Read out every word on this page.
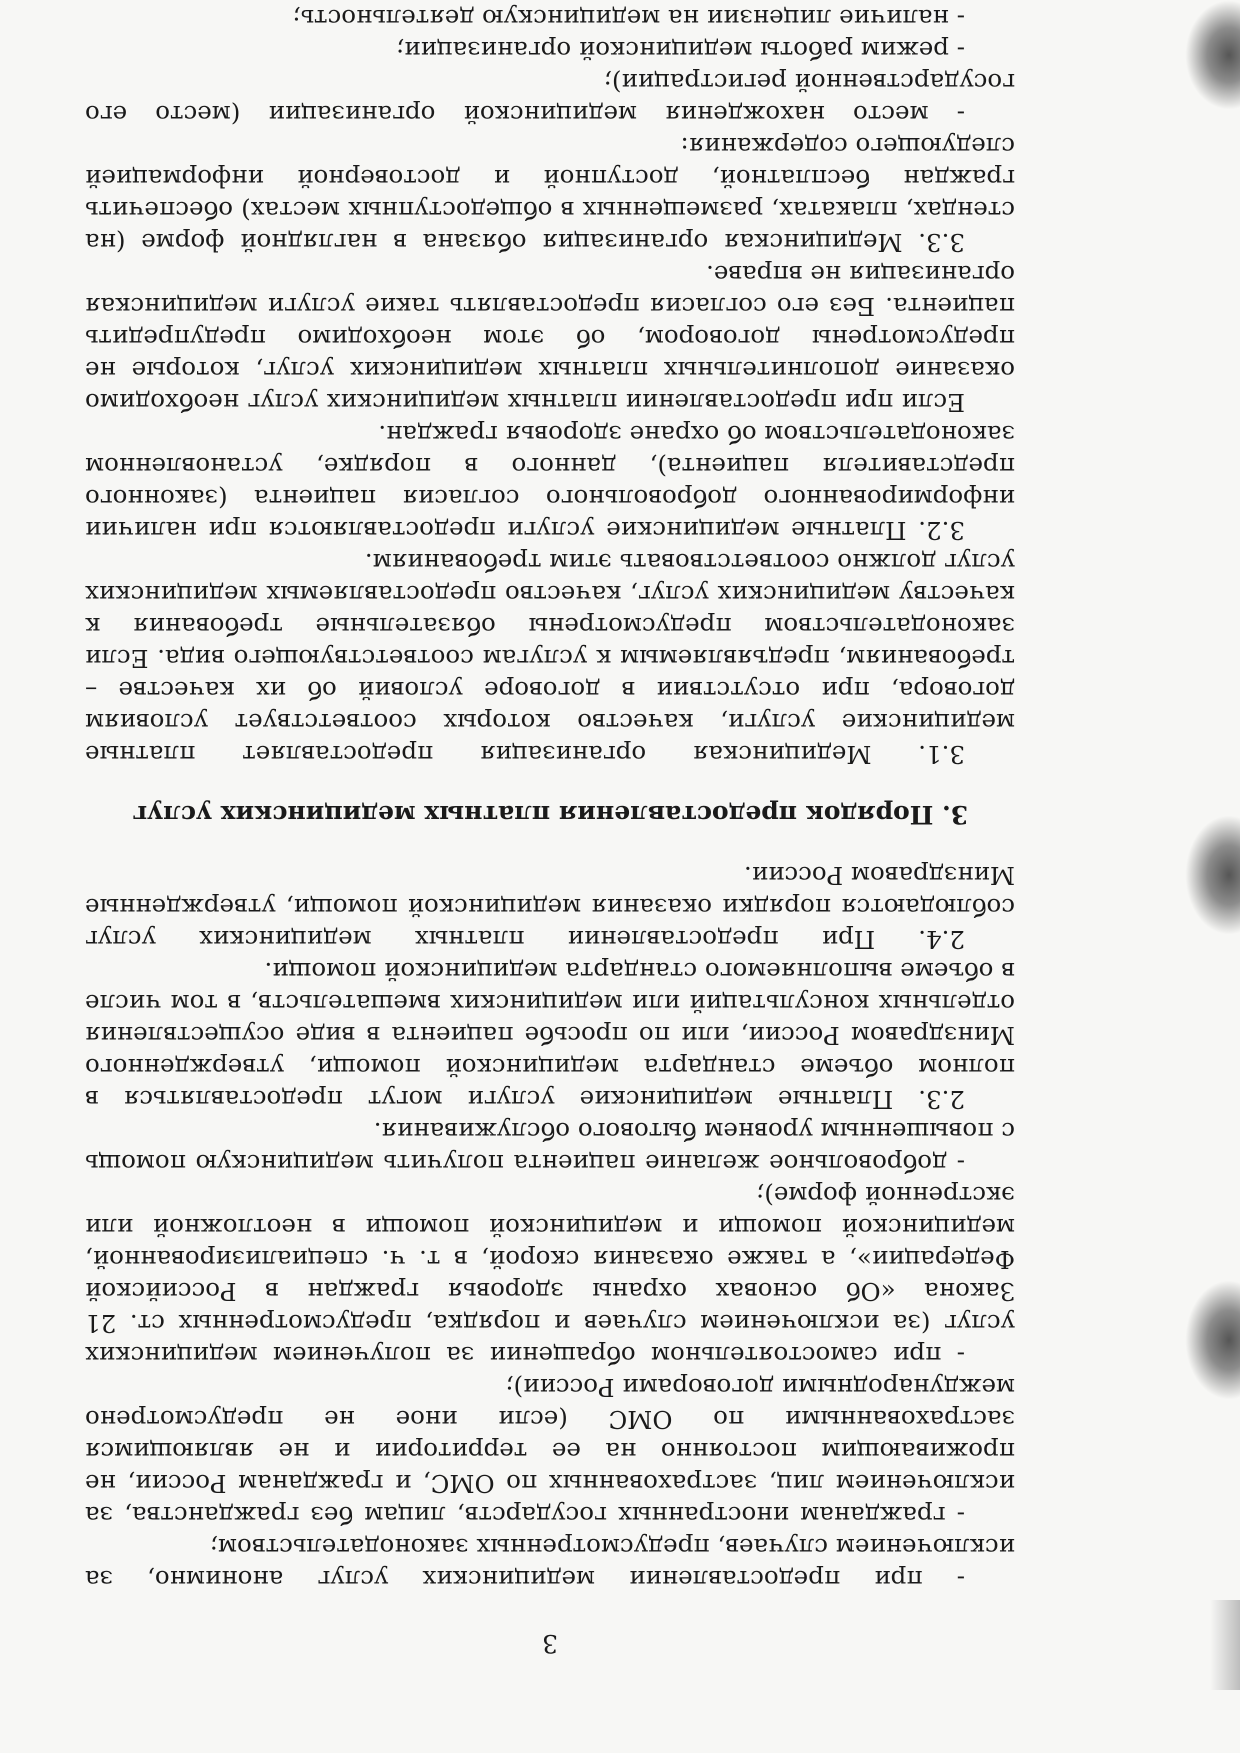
3

- при предоставлении медицинских услуг анонимно, за исключением случаев, предусмотренных законодательством;

- гражданам иностранных государств, лицам без гражданства, за исключением лиц, застрахованных по ОМС, и гражданам России, не проживающим постоянно на ее территории и не являющимся застрахованными по ОМС (если иное не предусмотрено международными договорами России);

- при самостоятельном обращении за получением медицинских услуг (за исключением случаев и порядка, предусмотренных ст. 21 Закона «Об основах охраны здоровья граждан в Российской Федерации», а также оказания скорой, в т. ч. специализированной, медицинской помощи и медицинской помощи в неотложной или экстренной форме);

- добровольное желание пациента получить медицинскую помощь с повышенным уровнем бытового обслуживания.

2.3. Платные медицинские услуги могут предоставляться в полном объеме стандарта медицинской помощи, утвержденного Минздравом России, или по просьбе пациента в виде осуществления отдельных консультаций или медицинских вмешательств, в том числе в объеме выполняемого стандарта медицинской помощи.

2.4. При предоставлении платных медицинских услуг соблюдаются порядки оказания медицинской помощи, утвержденные Минздравом России.

3. Порядок предоставления платных медицинских услуг

3.1. Медицинская организация предоставляет платные медицинские услуги, качество которых соответствует условиям договора, при отсутствии в договоре условий об их качестве – требованиям, предъявляемым к услугам соответствующего вида. Если законодательством предусмотрены обязательные требования к качеству медицинских услуг, качество предоставляемых медицинских услуг должно соответствовать этим требованиям.

3.2. Платные медицинские услуги предоставляются при наличии информированного добровольного согласия пациента (законного представителя пациента), данного в порядке, установленном законодательством об охране здоровья граждан.

Если при предоставлении платных медицинских услуг необходимо оказание дополнительных платных медицинских услуг, которые не предусмотрены договором, об этом необходимо предупредить пациента. Без его согласия предоставлять такие услуги медицинская организация не вправе.

3.3. Медицинская организация обязана в наглядной форме (на стендах, плакатах, размещенных в общедоступных местах) обеспечить граждан бесплатной, доступной и достоверной информацией следующего содержания:

- место нахождения медицинской организации (место его государственной регистрации);

- режим работы медицинской организации;

- наличие лицензии на медицинскую деятельность;
